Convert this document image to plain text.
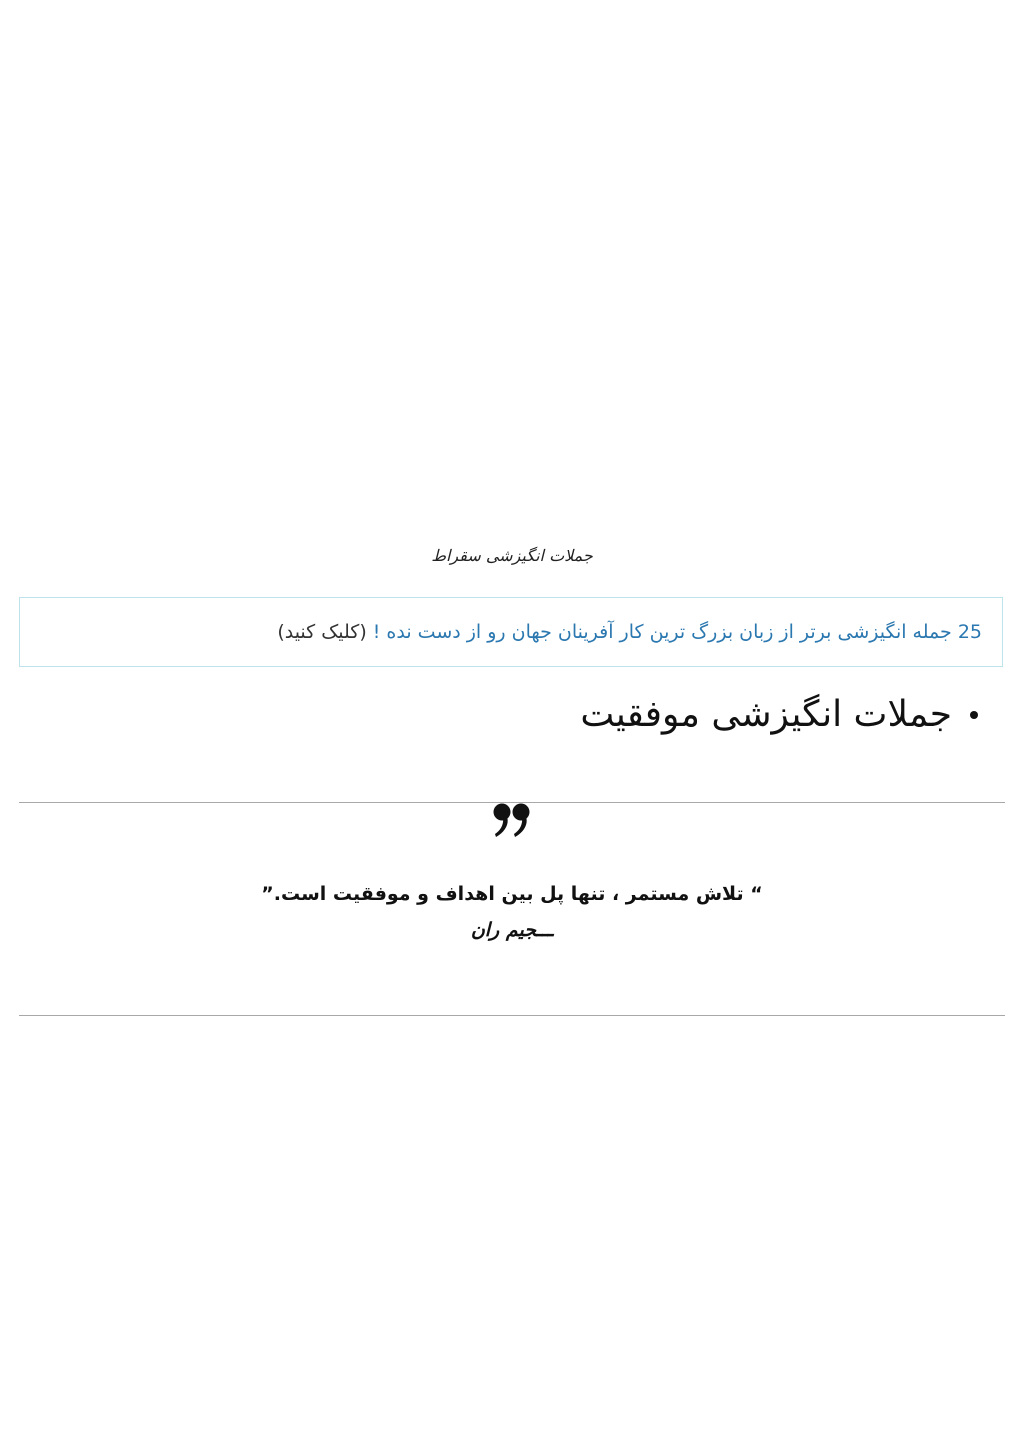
جملات انگیزشی سقراط
25 جمله انگیزشی برتر از زبان بزرگ ترین کار آفرینان جهان رو از دست نده !
(کلیک کنید)
جملات انگیزشی موفقیت
“ تلاش مستمر ، تنها پل بین اهداف و موفقیت است.”
ـــجیم ران
